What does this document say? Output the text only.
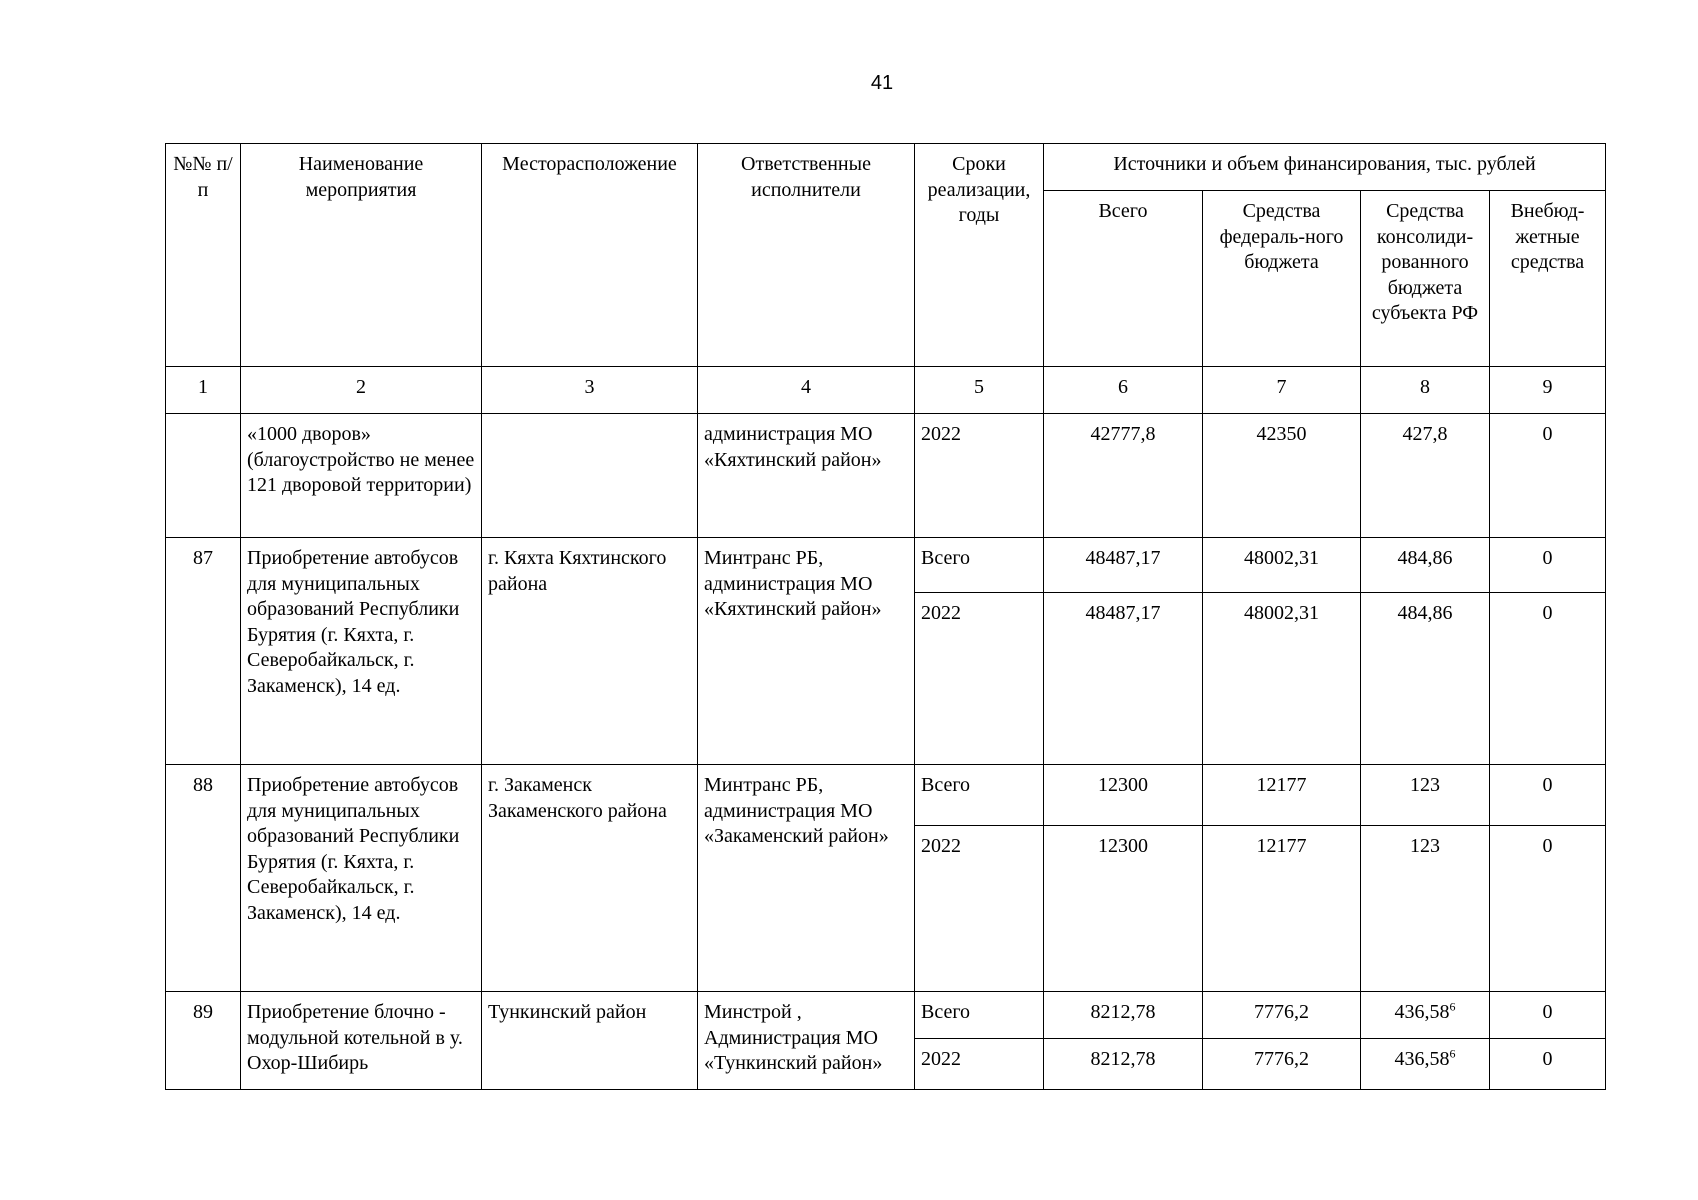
41
№№ п/п	Наименование мероприятия	Месторасположение	Ответственные исполнители	Сроки реализации, годы	Источники и объем финансирования, тыс. рублей			
					Всего	Средства федераль-ного бюджета	Средства консолиди-рованного бюджета субъекта РФ	Внебюд-жетные средства
1	2	3	4	5	6	7	8	9
	«1000 дворов» (благоустройство не менее 121 дворовой территории)		администрация МО «Кяхтинский район»	2022	42777,8	42350	427,8	0
87	Приобретение автобусов для муниципальных образований Республики Бурятия (г. Кяхта, г. Северобайкальск, г. Закаменск), 14 ед.	г. Кяхта Кяхтинского района	Минтранс РБ, администрация МО «Кяхтинский район»	Всего	48487,17	48002,31	484,86	0
				2022	48487,17	48002,31	484,86	0
88	Приобретение автобусов для муниципальных образований Республики Бурятия (г. Кяхта, г. Северобайкальск, г. Закаменск), 14 ед.	г. Закаменск Закаменского района	Минтранс РБ, администрация МО «Закаменский район»	Всего	12300	12177	123	0
				2022	12300	12177	123	0
89	Приобретение блочно - модульной котельной в у. Охор-Шибирь	Тункинский район	Минстрой , Администрация МО «Тункинский район»	Всего	8212,78	7776,2	436,58$^6$	0
				2022	8212,78	7776,2	436,58$^6$	0
